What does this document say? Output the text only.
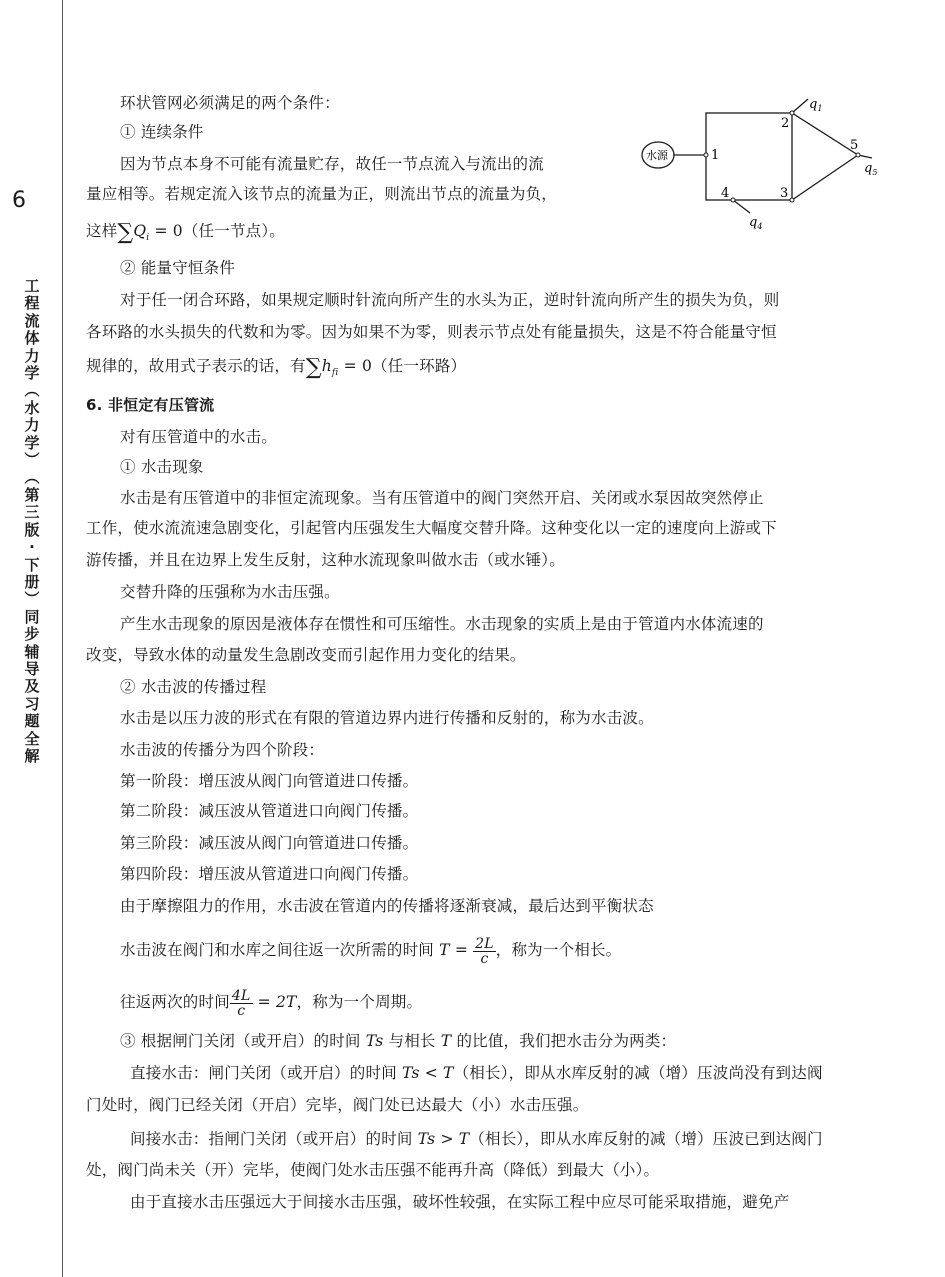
6
工
程
流
体
力
学
︵
水
力
学
︶
︵
第
三
版
·
下
册
︶
同
步
辅
导
及
习
题
全
解
水源	1
2
3
4
5
$q_1$
$q_5$
$q_4$
环状管网必须满足的两个条件：
① 连续条件
因为节点本身不可能有流量贮存，故任一节点流入与流出的流
量应相等。若规定流入该节点的流量为正，则流出节点的流量为负，
这样$\sum Q_i = 0$（任一节点）。
② 能量守恒条件
对于任一闭合环路，如果规定顺时针流向所产生的水头为正，逆时针流向所产生的损失为负，则
各环路的水头损失的代数和为零。因为如果不为零，则表示节点处有能量损失，这是不符合能量守恒
规律的，故用式子表示的话，有$\sum h_{fi} = 0$（任一环路）
6. 非恒定有压管流
对有压管道中的水击。
① 水击现象
水击是有压管道中的非恒定流现象。当有压管道中的阀门突然开启、关闭或水泵因故突然停止
工作，使水流流速急剧变化，引起管内压强发生大幅度交替升降。这种变化以一定的速度向上游或下
游传播，并且在边界上发生反射，这种水流现象叫做水击（或水锤）。
交替升降的压强称为水击压强。
产生水击现象的原因是液体存在惯性和可压缩性。水击现象的实质上是由于管道内水体流速的
改变，导致水体的动量发生急剧改变而引起作用力变化的结果。
② 水击波的传播过程
水击是以压力波的形式在有限的管道边界内进行传播和反射的，称为水击波。
水击波的传播分为四个阶段：
第一阶段：增压波从阀门向管道进口传播。
第二阶段：减压波从管道进口向阀门传播。
第三阶段：减压波从阀门向管道进口传播。
第四阶段：增压波从管道进口向阀门传播。
由于摩擦阻力的作用，水击波在管道内的传播将逐渐衰减，最后达到平衡状态
水击波在阀门和水库之间往返一次所需的时间 $T = \frac{2L}{c}$ ，称为一个相长。
往返两次的时间 $\frac{4L}{c} = 2T$，称为一个周期。
③ 根据闸门关闭（或开启）的时间 Ts 与相长 T 的比值，我们把水击分为两类：
直接水击：闸门关闭（或开启）的时间 Ts < T（相长），即从水库反射的减（增）压波尚没有到达阀
门处时，阀门已经关闭（开启）完毕，阀门处已达最大（小）水击压强。
间接水击：指闸门关闭（或开启）的时间 Ts > T（相长），即从水库反射的减（增）压波已到达阀门
处，阀门尚未关（开）完毕，使阀门处水击压强不能再升高（降低）到最大（小）。
由于直接水击压强远大于间接水击压强，破坏性较强，在实际工程中应尽可能采取措施，避免产
